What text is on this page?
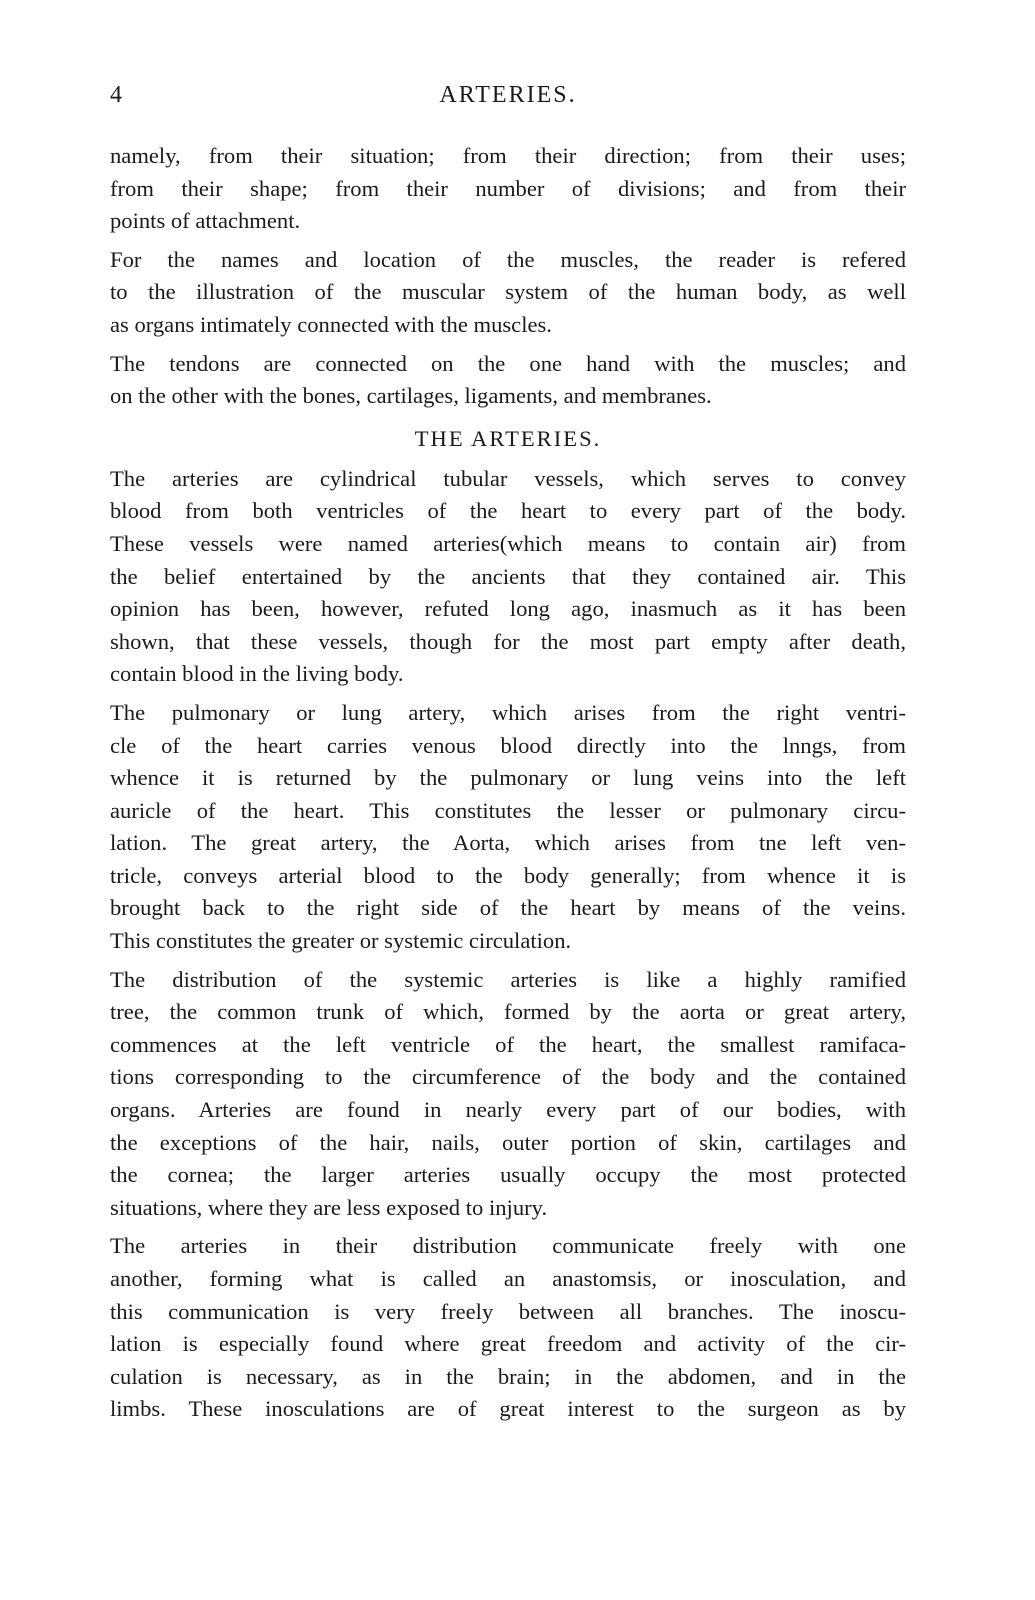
4	ARTERIES.
namely, from their situation; from their direction; from their uses;
from their shape; from their number of divisions; and from their
points of attachment.
For the names and location of the muscles, the reader is refered
to the illustration of the muscular system of the human body, as well
as organs intimately connected with the muscles.
The tendons are connected on the one hand with the muscles; and
on the other with the bones, cartilages, ligaments, and membranes.
THE ARTERIES.
The arteries are cylindrical tubular vessels, which serves to convey
blood from both ventricles of the heart to every part of the body.
These vessels were named arteries(which means to contain air) from
the belief entertained by the ancients that they contained air. This
opinion has been, however, refuted long ago, inasmuch as it has been
shown, that these vessels, though for the most part empty after death,
contain blood in the living body.
The pulmonary or lung artery, which arises from the right ventri-
cle of the heart carries venous blood directly into the lnngs, from
whence it is returned by the pulmonary or lung veins into the left
auricle of the heart. This constitutes the lesser or pulmonary circu-
lation. The great artery, the Aorta, which arises from tne left ven-
tricle, conveys arterial blood to the body generally; from whence it is
brought back to the right side of the heart by means of the veins.
This constitutes the greater or systemic circulation.
The distribution of the systemic arteries is like a highly ramified
tree, the common trunk of which, formed by the aorta or great artery,
commences at the left ventricle of the heart, the smallest ramifaca-
tions corresponding to the circumference of the body and the contained
organs. Arteries are found in nearly every part of our bodies, with
the exceptions of the hair, nails, outer portion of skin, cartilages and
the cornea; the larger arteries usually occupy the most protected
situations, where they are less exposed to injury.
The arteries in their distribution communicate freely with one
another, forming what is called an anastomsis, or inosculation, and
this communication is very freely between all branches. The inoscu-
lation is especially found where great freedom and activity of the cir-
culation is necessary, as in the brain; in the abdomen, and in the
limbs. These inosculations are of great interest to the surgeon as by
